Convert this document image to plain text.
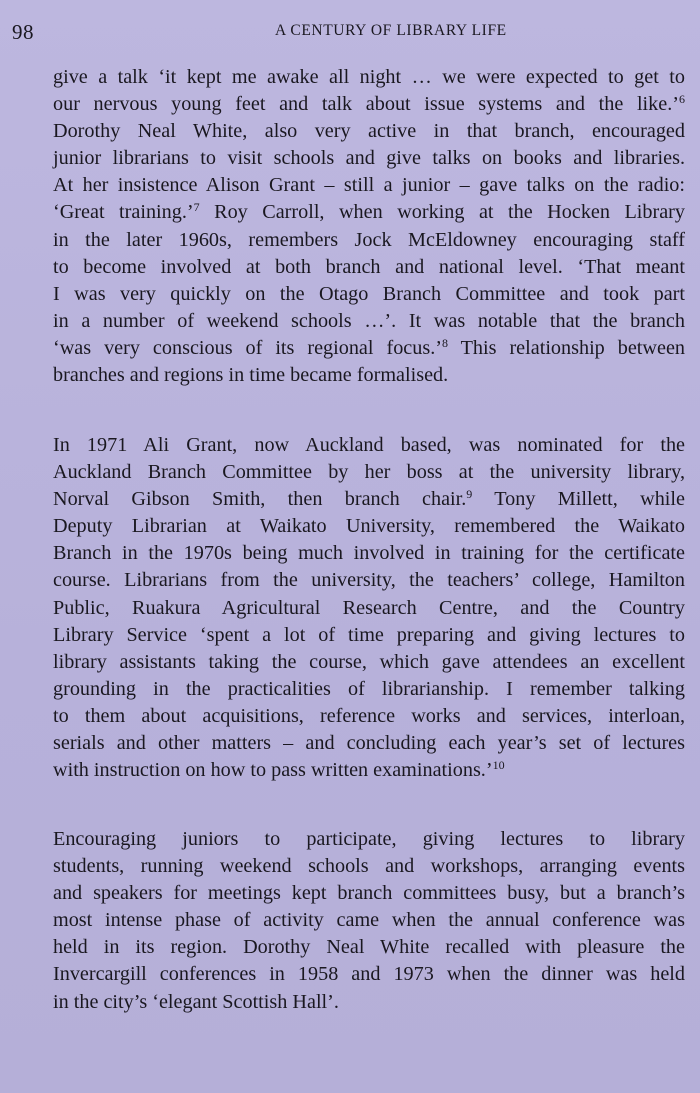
98	A CENTURY OF LIBRARY LIFE
give a talk ‘it kept me awake all night … we were expected to get to
our nervous young feet and talk about issue systems and the like.’$^6$
Dorothy Neal White, also very active in that branch, encouraged
junior librarians to visit schools and give talks on books and libraries.
At her insistence Alison Grant – still a junior – gave talks on the radio:
‘Great training.’$^7$ Roy Carroll, when working at the Hocken Library
in the later 1960s, remembers Jock McEldowney encouraging staff
to become involved at both branch and national level. ‘That meant
I was very quickly on the Otago Branch Committee and took part
in a number of weekend schools …’. It was notable that the branch
‘was very conscious of its regional focus.’$^8$ This relationship between
branches and regions in time became formalised.
In 1971 Ali Grant, now Auckland based, was nominated for the
Auckland Branch Committee by her boss at the university library,
Norval Gibson Smith, then branch chair.$^9$ Tony Millett, while
Deputy Librarian at Waikato University, remembered the Waikato
Branch in the 1970s being much involved in training for the certificate
course. Librarians from the university, the teachers’ college, Hamilton
Public, Ruakura Agricultural Research Centre, and the Country
Library Service ‘spent a lot of time preparing and giving lectures to
library assistants taking the course, which gave attendees an excellent
grounding in the practicalities of librarianship. I remember talking
to them about acquisitions, reference works and services, interloan,
serials and other matters – and concluding each year’s set of lectures
with instruction on how to pass written examinations.’$^{10}$
Encouraging juniors to participate, giving lectures to library
students, running weekend schools and workshops, arranging events
and speakers for meetings kept branch committees busy, but a branch’s
most intense phase of activity came when the annual conference was
held in its region. Dorothy Neal White recalled with pleasure the
Invercargill conferences in 1958 and 1973 when the dinner was held
in the city’s ‘elegant Scottish Hall’.
